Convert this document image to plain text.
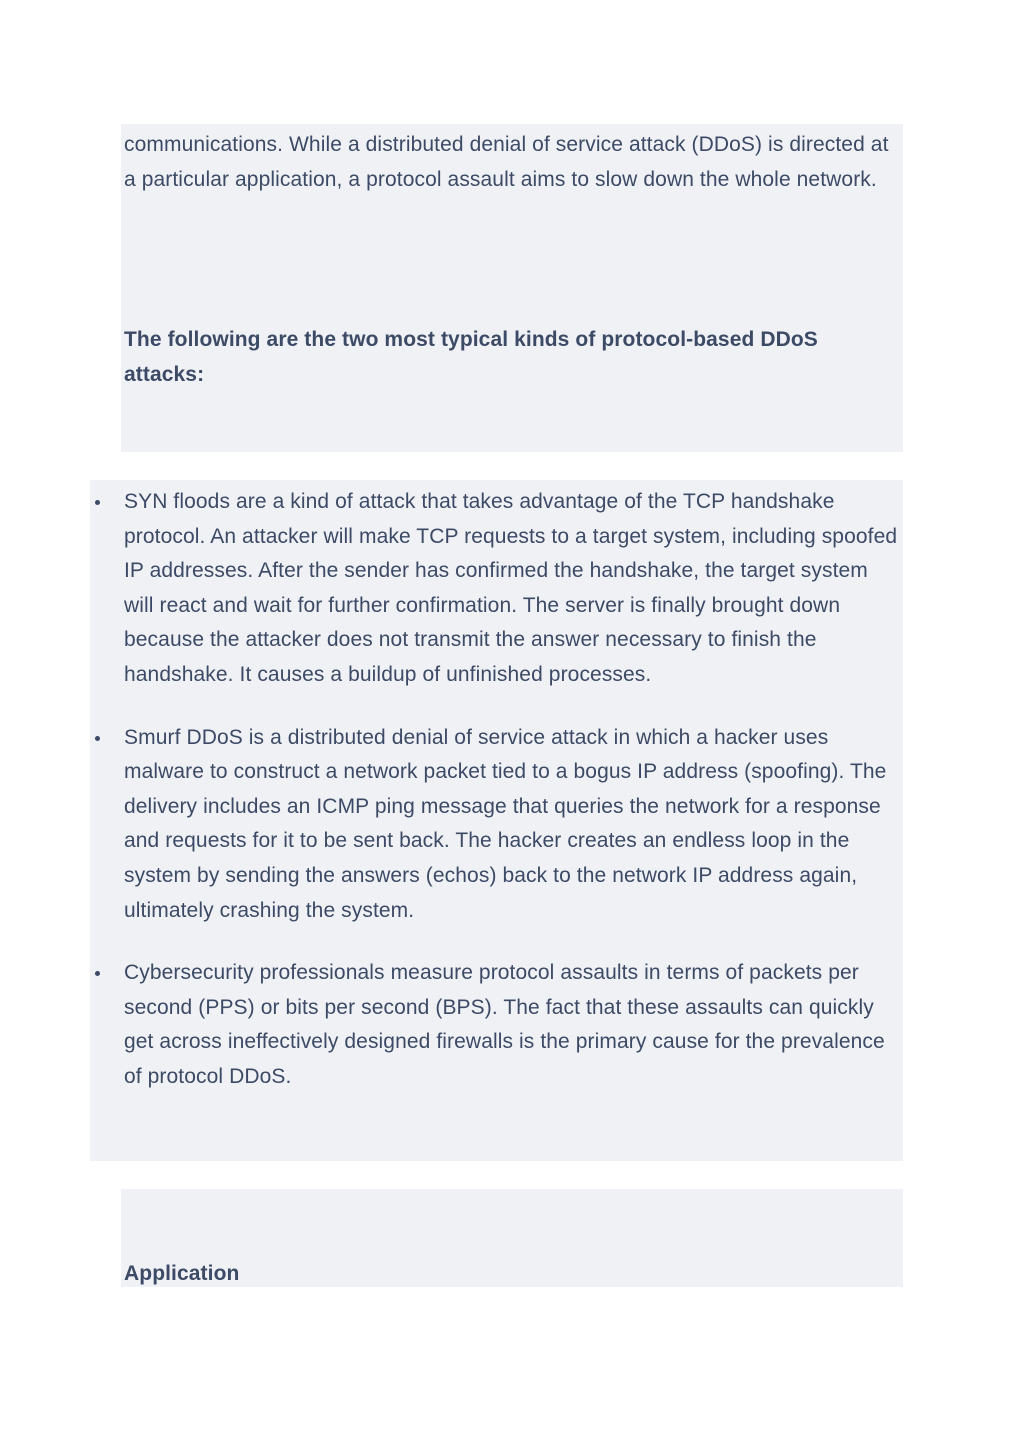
communications. While a distributed denial of service attack (DDoS) is directed at a particular application, a protocol assault aims to slow down the whole network.

The following are the two most typical kinds of protocol-based DDoS attacks:

SYN floods are a kind of attack that takes advantage of the TCP handshake protocol. An attacker will make TCP requests to a target system, including spoofed IP addresses. After the sender has confirmed the handshake, the target system will react and wait for further confirmation. The server is finally brought down because the attacker does not transmit the answer necessary to finish the handshake. It causes a buildup of unfinished processes.
Smurf DDoS is a distributed denial of service attack in which a hacker uses malware to construct a network packet tied to a bogus IP address (spoofing). The delivery includes an ICMP ping message that queries the network for a response and requests for it to be sent back. The hacker creates an endless loop in the system by sending the answers (echos) back to the network IP address again, ultimately crashing the system.
Cybersecurity professionals measure protocol assaults in terms of packets per second (PPS) or bits per second (BPS). The fact that these assaults can quickly get across ineffectively designed firewalls is the primary cause for the prevalence of protocol DDoS.

Application
